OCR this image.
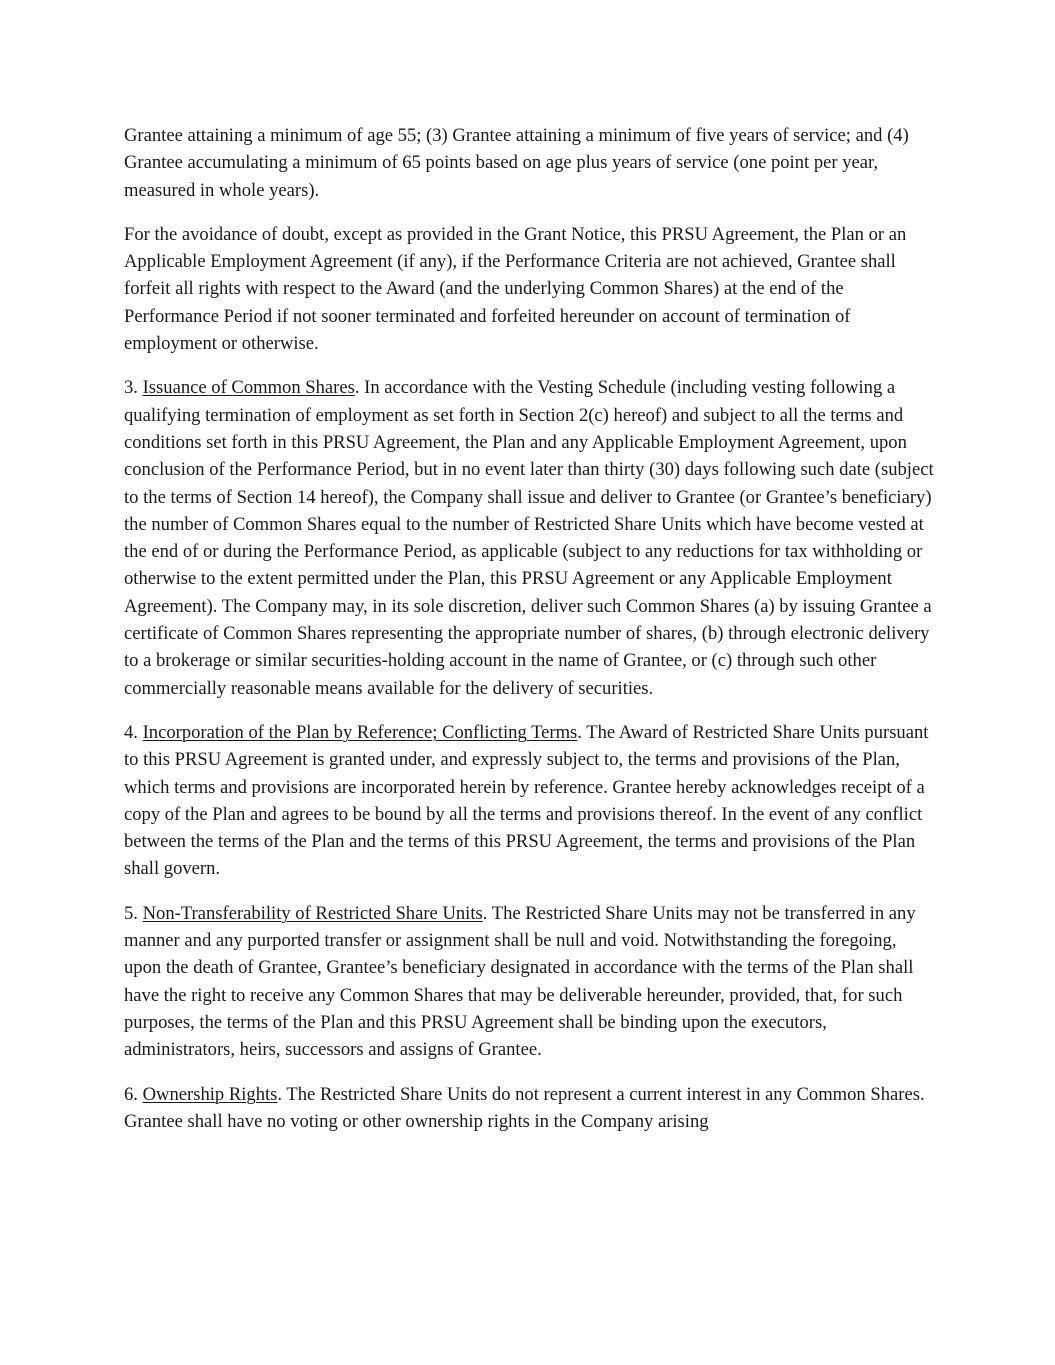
Grantee attaining a minimum of age 55; (3) Grantee attaining a minimum of five years of service; and (4) Grantee accumulating a minimum of 65 points based on age plus years of service (one point per year, measured in whole years).

For the avoidance of doubt, except as provided in the Grant Notice, this PRSU Agreement, the Plan or an Applicable Employment Agreement (if any), if the Performance Criteria are not achieved, Grantee shall forfeit all rights with respect to the Award (and the underlying Common Shares) at the end of the Performance Period if not sooner terminated and forfeited hereunder on account of termination of employment or otherwise.

3. Issuance of Common Shares. In accordance with the Vesting Schedule (including vesting following a qualifying termination of employment as set forth in Section 2(c) hereof) and subject to all the terms and conditions set forth in this PRSU Agreement, the Plan and any Applicable Employment Agreement, upon conclusion of the Performance Period, but in no event later than thirty (30) days following such date (subject to the terms of Section 14 hereof), the Company shall issue and deliver to Grantee (or Grantee’s beneficiary) the number of Common Shares equal to the number of Restricted Share Units which have become vested at the end of or during the Performance Period, as applicable (subject to any reductions for tax withholding or otherwise to the extent permitted under the Plan, this PRSU Agreement or any Applicable Employment Agreement). The Company may, in its sole discretion, deliver such Common Shares (a) by issuing Grantee a certificate of Common Shares representing the appropriate number of shares, (b) through electronic delivery to a brokerage or similar securities-holding account in the name of Grantee, or (c) through such other commercially reasonable means available for the delivery of securities.

4. Incorporation of the Plan by Reference; Conflicting Terms. The Award of Restricted Share Units pursuant to this PRSU Agreement is granted under, and expressly subject to, the terms and provisions of the Plan, which terms and provisions are incorporated herein by reference. Grantee hereby acknowledges receipt of a copy of the Plan and agrees to be bound by all the terms and provisions thereof. In the event of any conflict between the terms of the Plan and the terms of this PRSU Agreement, the terms and provisions of the Plan shall govern.

5. Non-Transferability of Restricted Share Units. The Restricted Share Units may not be transferred in any manner and any purported transfer or assignment shall be null and void. Notwithstanding the foregoing, upon the death of Grantee, Grantee’s beneficiary designated in accordance with the terms of the Plan shall have the right to receive any Common Shares that may be deliverable hereunder, provided, that, for such purposes, the terms of the Plan and this PRSU Agreement shall be binding upon the executors, administrators, heirs, successors and assigns of Grantee.

6. Ownership Rights. The Restricted Share Units do not represent a current interest in any Common Shares. Grantee shall have no voting or other ownership rights in the Company arising
